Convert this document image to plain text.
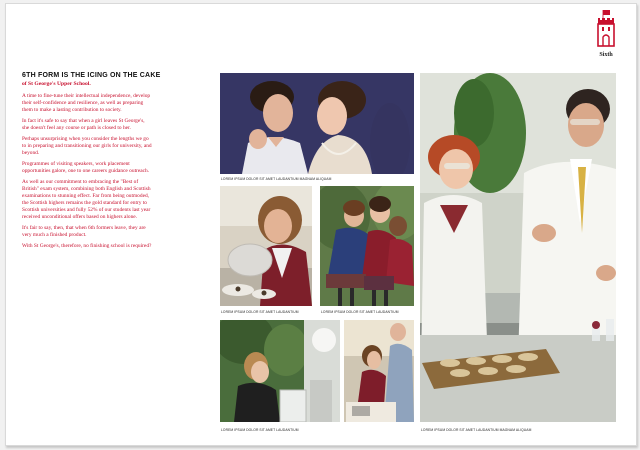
6TH FORM IS THE ICING ON THE CAKE
of St George's Upper School.

A time to fine-tune their intellectual independence, develop their self-confidence and resilience, as well as preparing them to make a lasting contribution to society.

In fact it's safe to say that when a girl leaves St George's, she doesn't feel any course or path is closed to her.

Perhaps unsurprising when you consider the lengths we go to in preparing and transitioning our girls for university, and beyond.

Programmes of visiting speakers, work placement opportunities galore, one to one careers guidance outreach.

As well as our commitment to embracing the "Best of British" exam system, combining both English and Scottish examinations to stunning effect. Far from being outmoded, the Scottish highers remains the gold standard for entry to Scottish universities and fully 52% of our students last year received unconditional offers based on highers alone.

It's fair to say, then, that when 6th formers leave, they are very much a finished product.

With St George's, therefore, no finishing school is required?

Sixth
LOREM IPSUM DOLOR SIT AMET LAUDANTIUM MAGNAM ALIQUAM
LOREM IPSUM DOLOR SIT AMET LAUDANTIUM	LOREM IPSUM DOLOR SIT AMET LAUDANTIUM
LOREM IPSUM DOLOR SIT AMET LAUDANTIUM	LOREM IPSUM DOLOR SIT AMET LAUDANTIUM MAGNAM ALIQUAM
